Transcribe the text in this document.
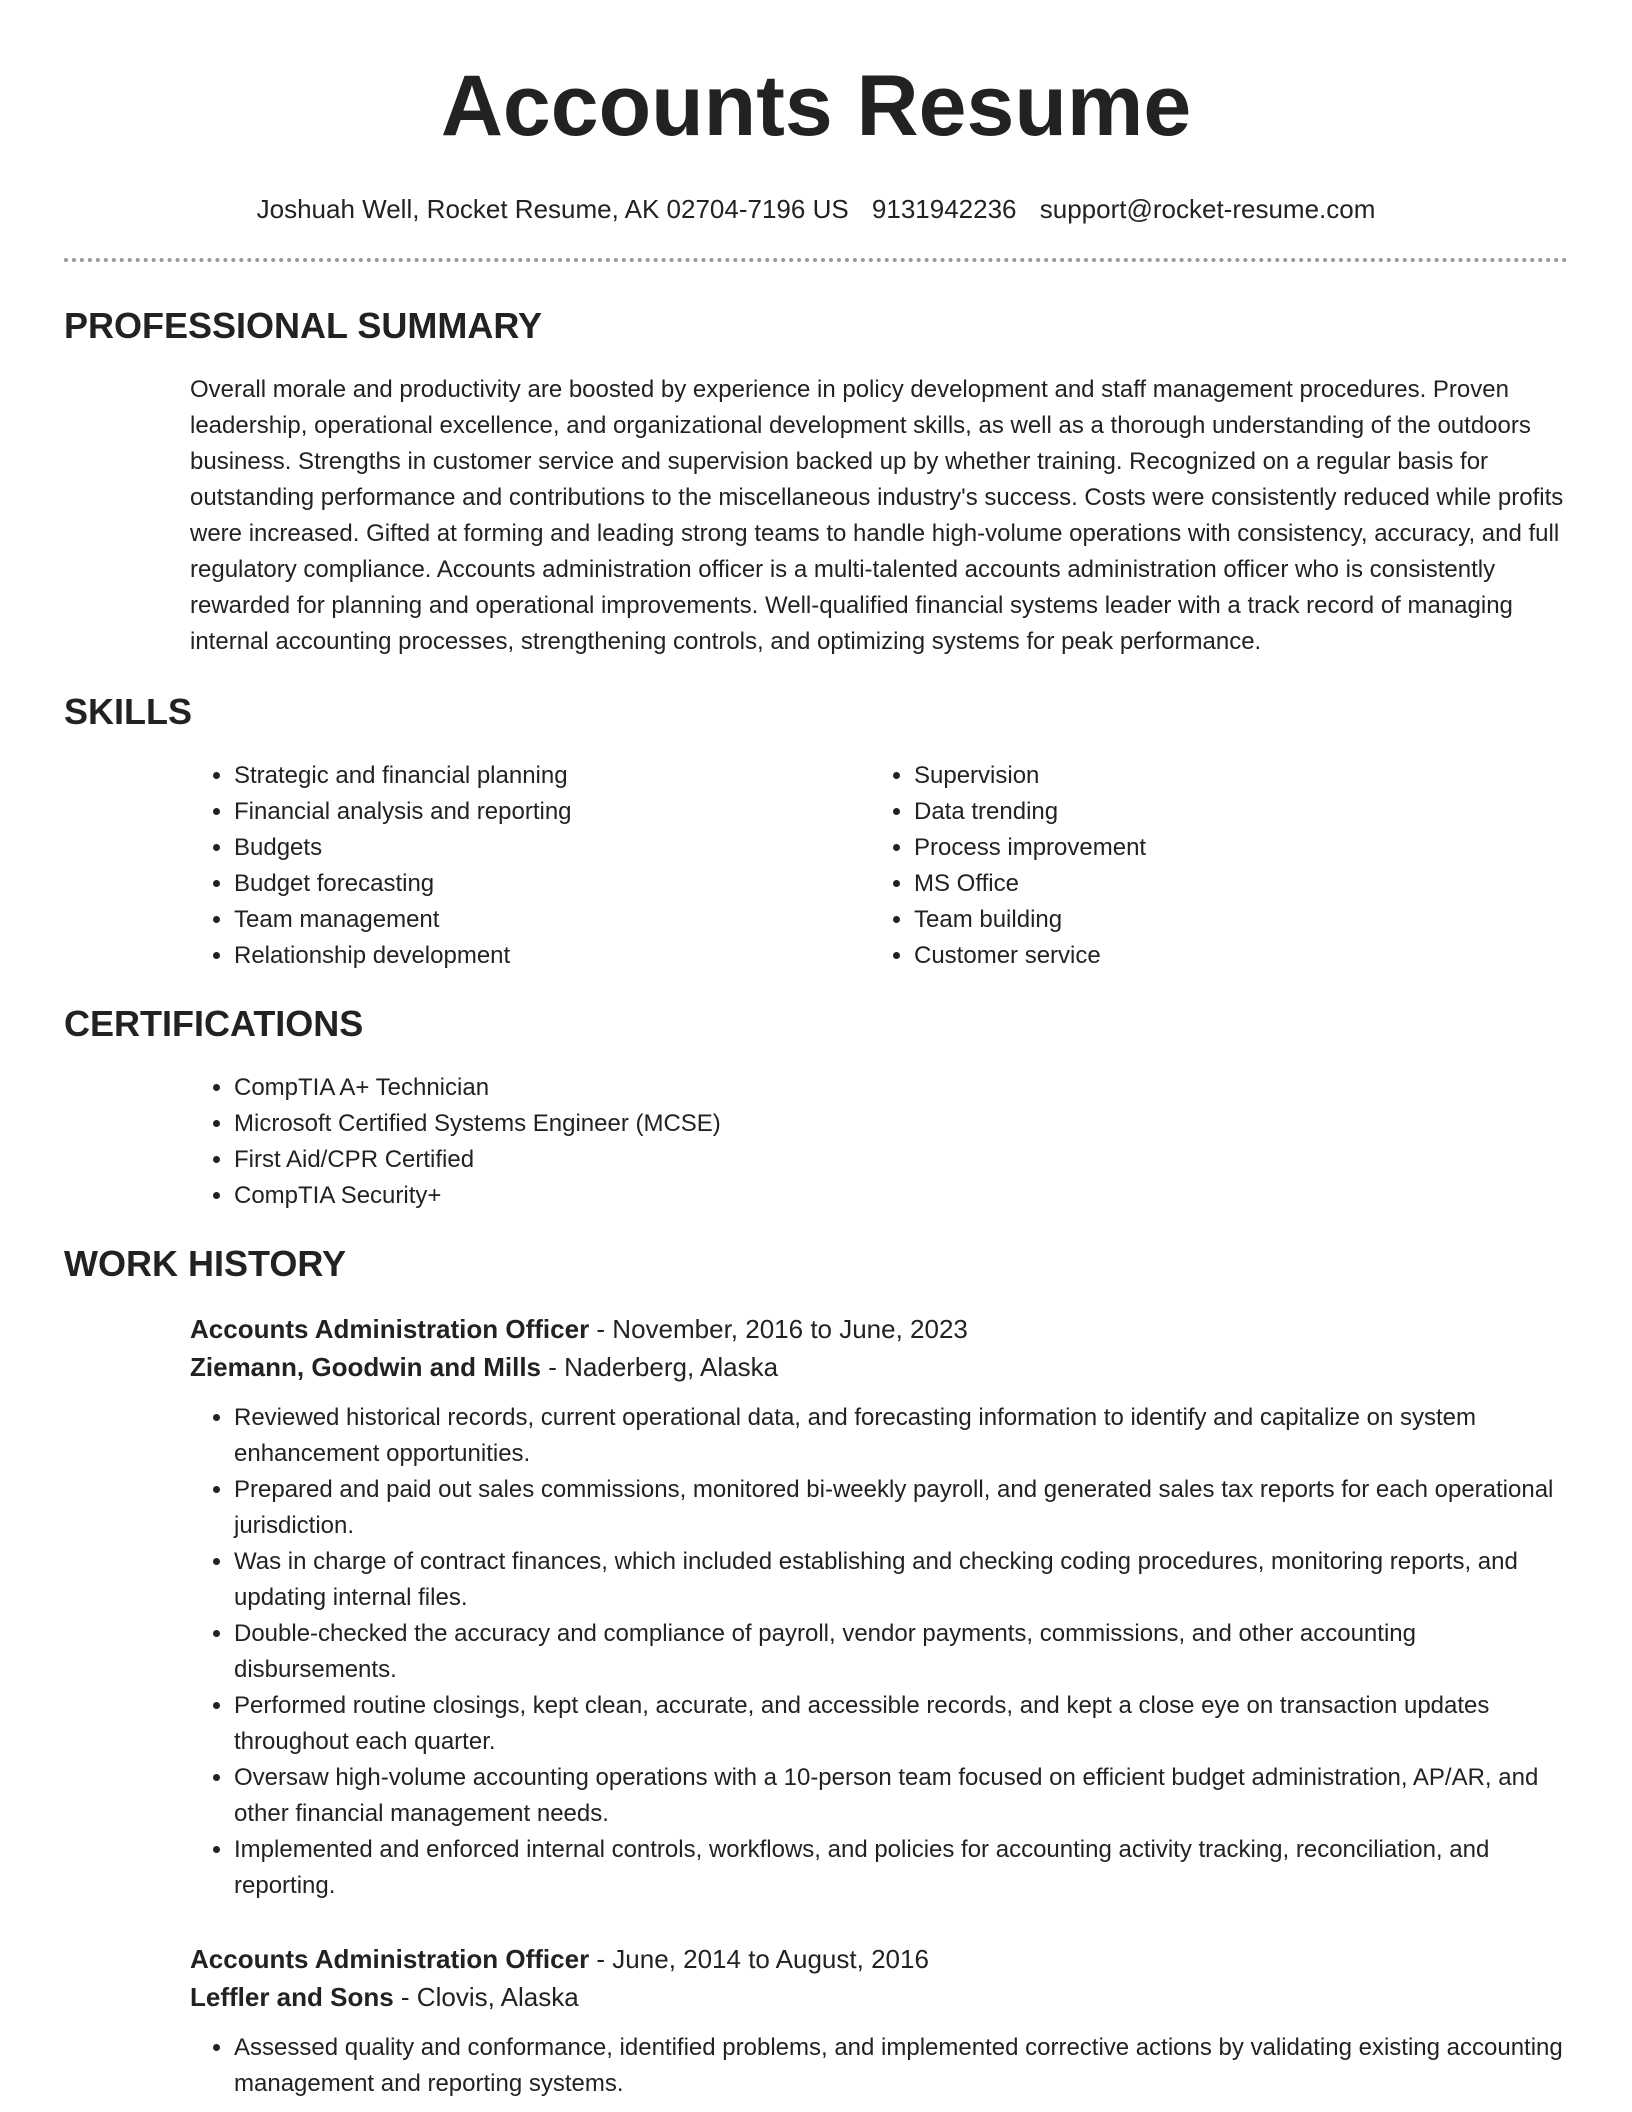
Accounts Resume
Joshuah Well, Rocket Resume, AK 02704-7196 US 9131942236 support@rocket-resume.com
PROFESSIONAL SUMMARY

Overall morale and productivity are boosted by experience in policy development and staff management procedures. Proven leadership, operational excellence, and organizational development skills, as well as a thorough understanding of the outdoors business. Strengths in customer service and supervision backed up by whether training. Recognized on a regular basis for outstanding performance and contributions to the miscellaneous industry's success. Costs were consistently reduced while profits were increased. Gifted at forming and leading strong teams to handle high-volume operations with consistency, accuracy, and full regulatory compliance. Accounts administration officer is a multi-talented accounts administration officer who is consistently rewarded for planning and operational improvements. Well-qualified financial systems leader with a track record of managing internal accounting processes, strengthening controls, and optimizing systems for peak performance.

SKILLS
• Strategic and financial planning
• Financial analysis and reporting
• Budgets
• Budget forecasting
• Team management
• Relationship development
• Supervision
• Data trending
• Process improvement
• MS Office
• Team building
• Customer service
CERTIFICATIONS
• CompTIA A+ Technician
• Microsoft Certified Systems Engineer (MCSE)
• First Aid/CPR Certified
• CompTIA Security+
WORK HISTORY
Accounts Administration Officer - November, 2016 to June, 2023
Ziemann, Goodwin and Mills - Naderberg, Alaska
• Reviewed historical records, current operational data, and forecasting information to identify and capitalize on system enhancement opportunities.
• Prepared and paid out sales commissions, monitored bi-weekly payroll, and generated sales tax reports for each operational jurisdiction.
• Was in charge of contract finances, which included establishing and checking coding procedures, monitoring reports, and updating internal files.
• Double-checked the accuracy and compliance of payroll, vendor payments, commissions, and other accounting disbursements.
• Performed routine closings, kept clean, accurate, and accessible records, and kept a close eye on transaction updates throughout each quarter.
• Oversaw high-volume accounting operations with a 10-person team focused on efficient budget administration, AP/AR, and other financial management needs.
• Implemented and enforced internal controls, workflows, and policies for accounting activity tracking, reconciliation, and reporting.
Accounts Administration Officer - June, 2014 to August, 2016
Leffler and Sons - Clovis, Alaska
• Assessed quality and conformance, identified problems, and implemented corrective actions by validating existing accounting management and reporting systems.
